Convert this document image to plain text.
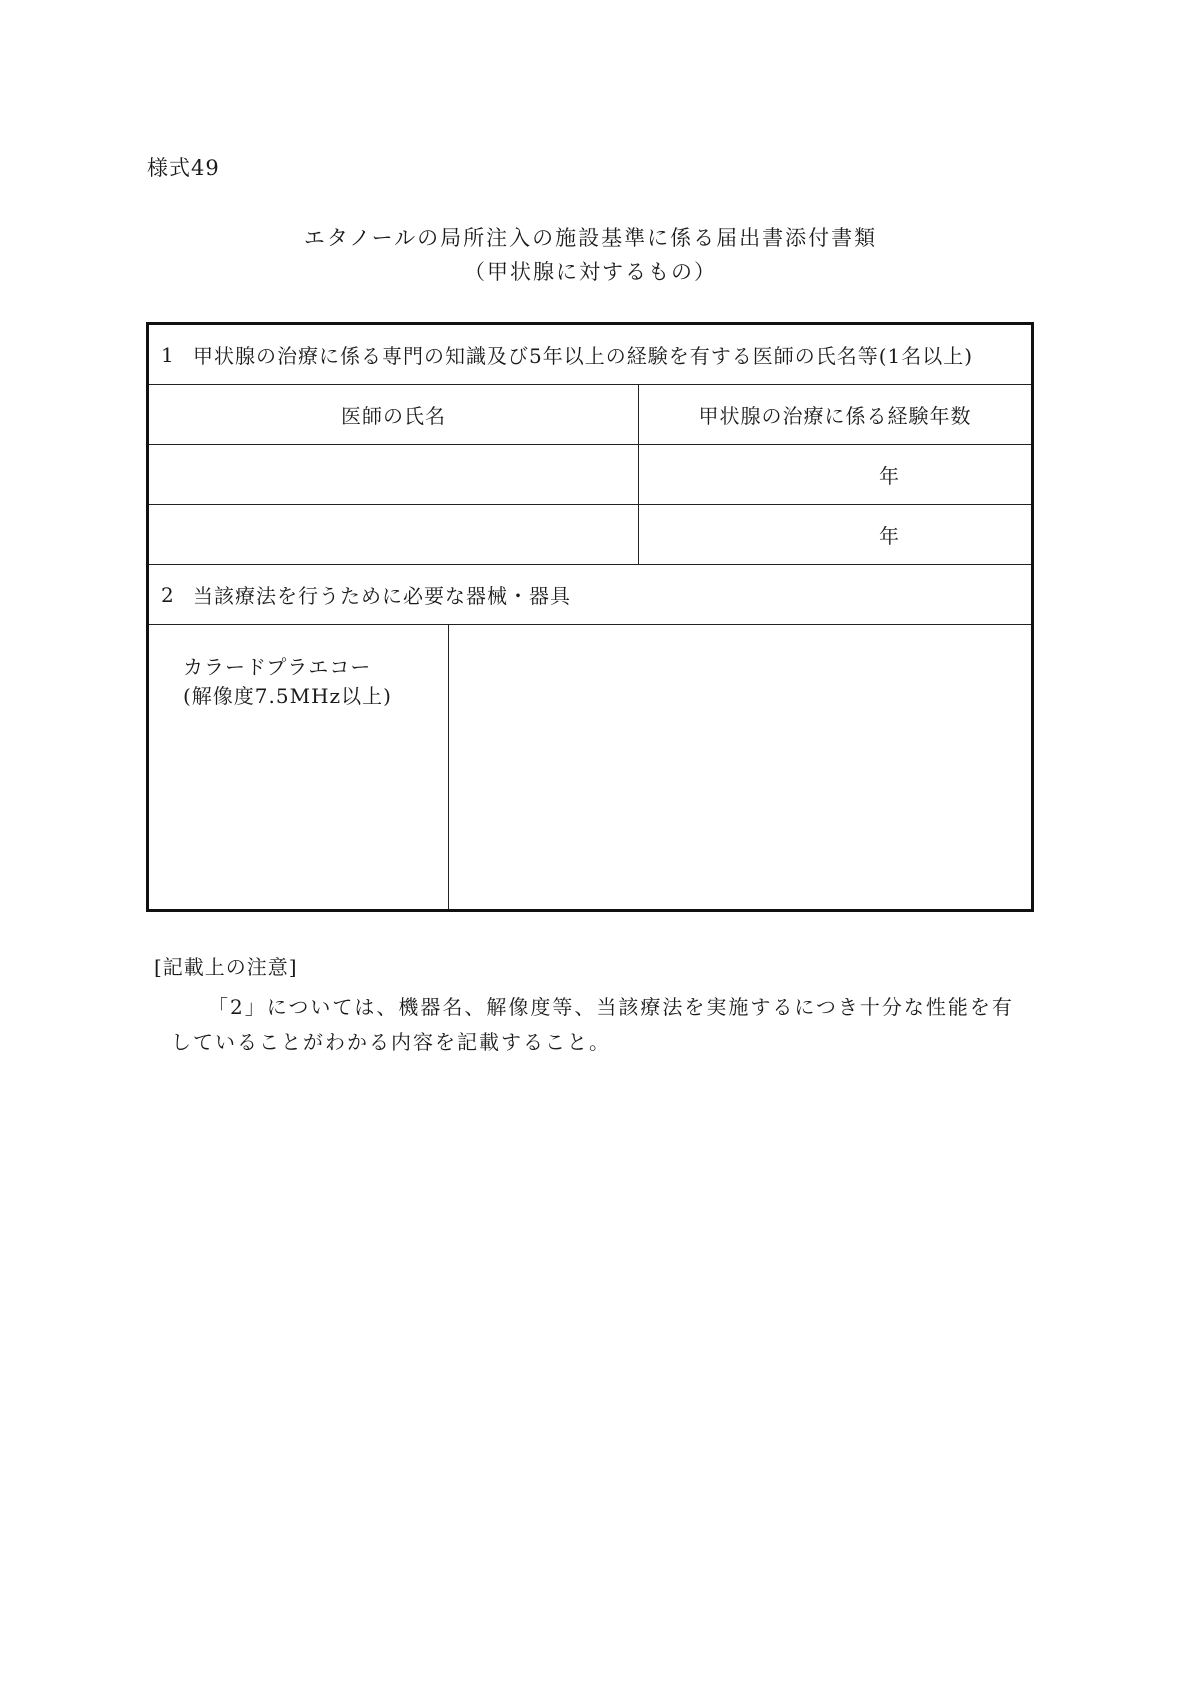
様式49
エタノールの局所注入の施設基準に係る届出書添付書類
（甲状腺に対するもの）
1 甲状腺の治療に係る専門の知識及び5年以上の経験を有する医師の氏名等(1名以上)
医師の氏名	甲状腺の治療に係る経験年数
年
年
2 当該療法を行うために必要な器械・器具
カラードプラエコー
(解像度7.5MHz以上)

[記載上の注意]

「2」については、機器名、解像度等、当該療法を実施するにつき十分な性能を有していることがわかる内容を記載すること。
